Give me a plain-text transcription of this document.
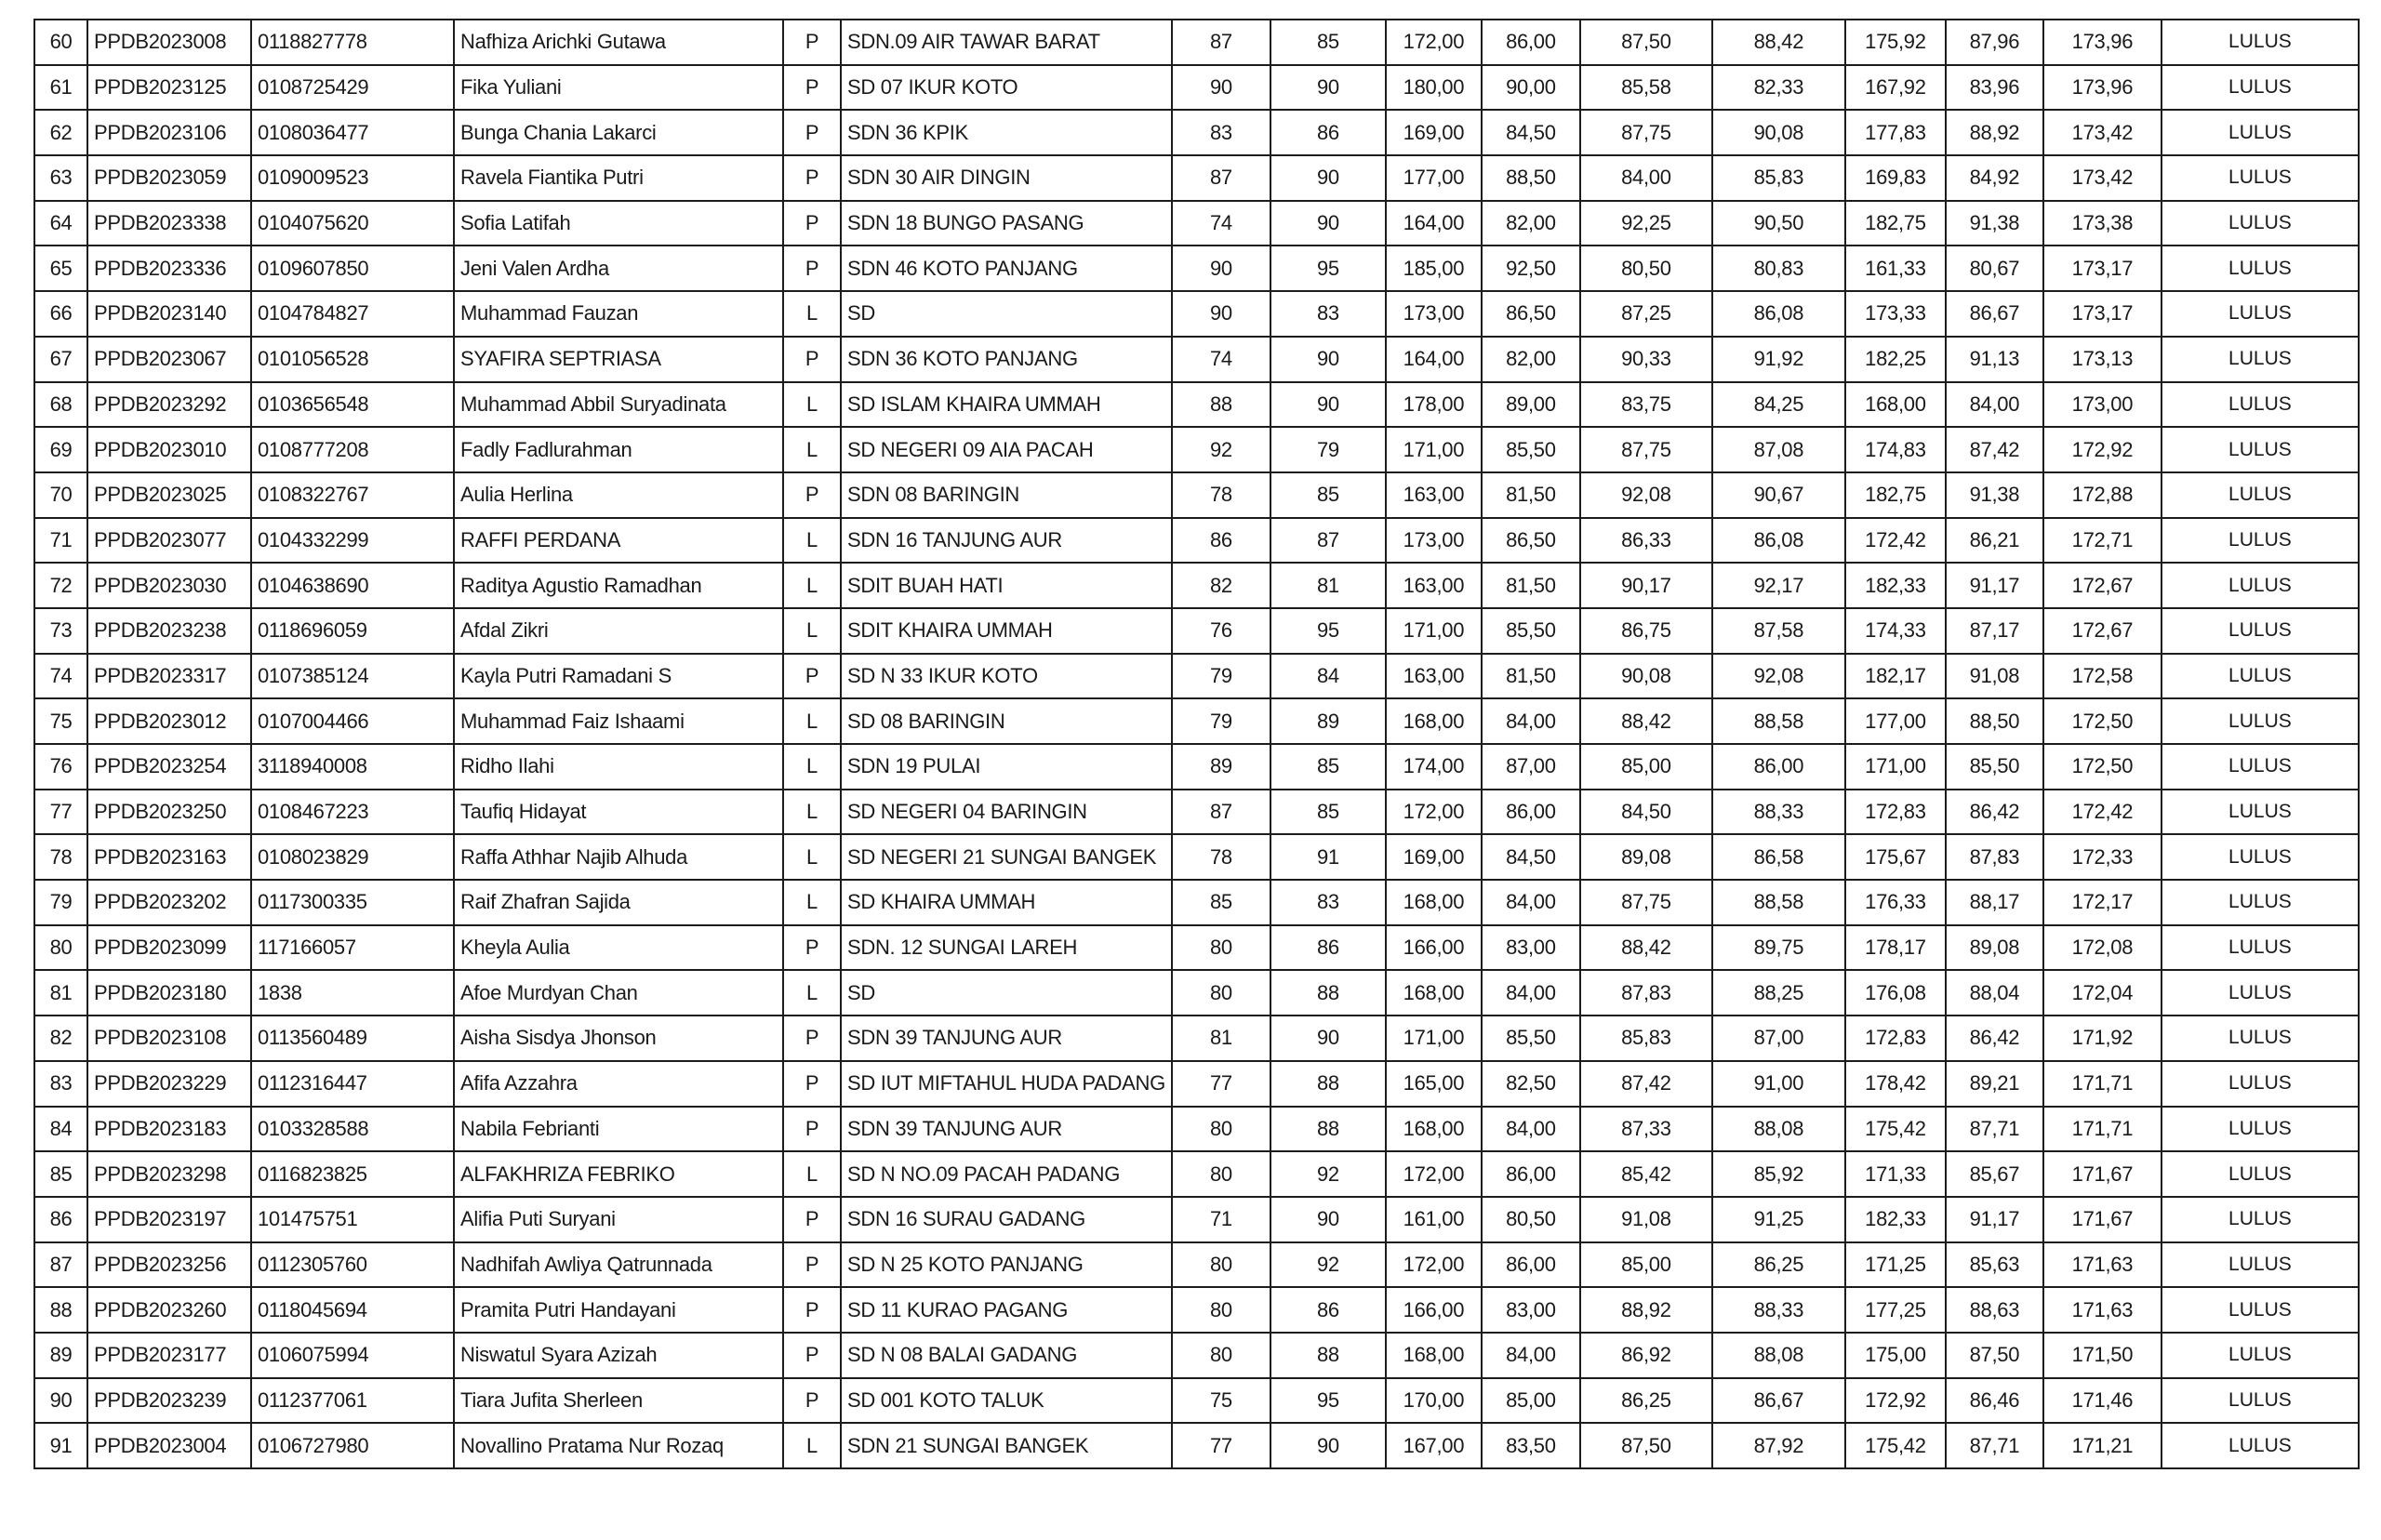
60	PPDB2023008	0118827778	Nafhiza Arichki Gutawa	P	SDN.09 AIR TAWAR BARAT	87	85	172,00	86,00	87,50	88,42	175,92	87,96	173,96	LULUS
61	PPDB2023125	0108725429	Fika Yuliani	P	SD 07 IKUR KOTO	90	90	180,00	90,00	85,58	82,33	167,92	83,96	173,96	LULUS
62	PPDB2023106	0108036477	Bunga Chania Lakarci	P	SDN 36 KPIK	83	86	169,00	84,50	87,75	90,08	177,83	88,92	173,42	LULUS
63	PPDB2023059	0109009523	Ravela Fiantika Putri	P	SDN 30 AIR DINGIN	87	90	177,00	88,50	84,00	85,83	169,83	84,92	173,42	LULUS
64	PPDB2023338	0104075620	Sofia Latifah	P	SDN 18 BUNGO PASANG	74	90	164,00	82,00	92,25	90,50	182,75	91,38	173,38	LULUS
65	PPDB2023336	0109607850	Jeni Valen Ardha	P	SDN 46 KOTO PANJANG	90	95	185,00	92,50	80,50	80,83	161,33	80,67	173,17	LULUS
66	PPDB2023140	0104784827	Muhammad Fauzan	L	SD	90	83	173,00	86,50	87,25	86,08	173,33	86,67	173,17	LULUS
67	PPDB2023067	0101056528	SYAFIRA SEPTRIASA	P	SDN 36 KOTO PANJANG	74	90	164,00	82,00	90,33	91,92	182,25	91,13	173,13	LULUS
68	PPDB2023292	0103656548	Muhammad Abbil Suryadinata	L	SD ISLAM KHAIRA UMMAH	88	90	178,00	89,00	83,75	84,25	168,00	84,00	173,00	LULUS
69	PPDB2023010	0108777208	Fadly Fadlurahman	L	SD NEGERI 09 AIA PACAH	92	79	171,00	85,50	87,75	87,08	174,83	87,42	172,92	LULUS
70	PPDB2023025	0108322767	Aulia Herlina	P	SDN 08 BARINGIN	78	85	163,00	81,50	92,08	90,67	182,75	91,38	172,88	LULUS
71	PPDB2023077	0104332299	RAFFI PERDANA	L	SDN 16 TANJUNG AUR	86	87	173,00	86,50	86,33	86,08	172,42	86,21	172,71	LULUS
72	PPDB2023030	0104638690	Raditya Agustio Ramadhan	L	SDIT BUAH HATI	82	81	163,00	81,50	90,17	92,17	182,33	91,17	172,67	LULUS
73	PPDB2023238	0118696059	Afdal Zikri	L	SDIT KHAIRA UMMAH	76	95	171,00	85,50	86,75	87,58	174,33	87,17	172,67	LULUS
74	PPDB2023317	0107385124	Kayla Putri Ramadani S	P	SD N 33 IKUR KOTO	79	84	163,00	81,50	90,08	92,08	182,17	91,08	172,58	LULUS
75	PPDB2023012	0107004466	Muhammad Faiz Ishaami	L	SD 08 BARINGIN	79	89	168,00	84,00	88,42	88,58	177,00	88,50	172,50	LULUS
76	PPDB2023254	3118940008	Ridho Ilahi	L	SDN 19 PULAI	89	85	174,00	87,00	85,00	86,00	171,00	85,50	172,50	LULUS
77	PPDB2023250	0108467223	Taufiq Hidayat	L	SD NEGERI 04 BARINGIN	87	85	172,00	86,00	84,50	88,33	172,83	86,42	172,42	LULUS
78	PPDB2023163	0108023829	Raffa Athhar Najib Alhuda	L	SD NEGERI 21 SUNGAI BANGEK	78	91	169,00	84,50	89,08	86,58	175,67	87,83	172,33	LULUS
79	PPDB2023202	0117300335	Raif Zhafran Sajida	L	SD KHAIRA UMMAH	85	83	168,00	84,00	87,75	88,58	176,33	88,17	172,17	LULUS
80	PPDB2023099	117166057	Kheyla Aulia	P	SDN. 12 SUNGAI LAREH	80	86	166,00	83,00	88,42	89,75	178,17	89,08	172,08	LULUS
81	PPDB2023180	1838	Afoe Murdyan Chan	L	SD	80	88	168,00	84,00	87,83	88,25	176,08	88,04	172,04	LULUS
82	PPDB2023108	0113560489	Aisha Sisdya Jhonson	P	SDN 39 TANJUNG AUR	81	90	171,00	85,50	85,83	87,00	172,83	86,42	171,92	LULUS
83	PPDB2023229	0112316447	Afifa Azzahra	P	SD IUT MIFTAHUL HUDA PADANG	77	88	165,00	82,50	87,42	91,00	178,42	89,21	171,71	LULUS
84	PPDB2023183	0103328588	Nabila Febrianti	P	SDN 39 TANJUNG AUR	80	88	168,00	84,00	87,33	88,08	175,42	87,71	171,71	LULUS
85	PPDB2023298	0116823825	ALFAKHRIZA FEBRIKO	L	SD N NO.09 PACAH PADANG	80	92	172,00	86,00	85,42	85,92	171,33	85,67	171,67	LULUS
86	PPDB2023197	101475751	Alifia Puti Suryani	P	SDN 16 SURAU GADANG	71	90	161,00	80,50	91,08	91,25	182,33	91,17	171,67	LULUS
87	PPDB2023256	0112305760	Nadhifah Awliya Qatrunnada	P	SD N 25 KOTO PANJANG	80	92	172,00	86,00	85,00	86,25	171,25	85,63	171,63	LULUS
88	PPDB2023260	0118045694	Pramita Putri Handayani	P	SD 11 KURAO PAGANG	80	86	166,00	83,00	88,92	88,33	177,25	88,63	171,63	LULUS
89	PPDB2023177	0106075994	Niswatul Syara Azizah	P	SD N 08 BALAI GADANG	80	88	168,00	84,00	86,92	88,08	175,00	87,50	171,50	LULUS
90	PPDB2023239	0112377061	Tiara Jufita Sherleen	P	SD 001 KOTO TALUK	75	95	170,00	85,00	86,25	86,67	172,92	86,46	171,46	LULUS
91	PPDB2023004	0106727980	Novallino Pratama Nur Rozaq	L	SDN 21 SUNGAI BANGEK	77	90	167,00	83,50	87,50	87,92	175,42	87,71	171,21	LULUS
